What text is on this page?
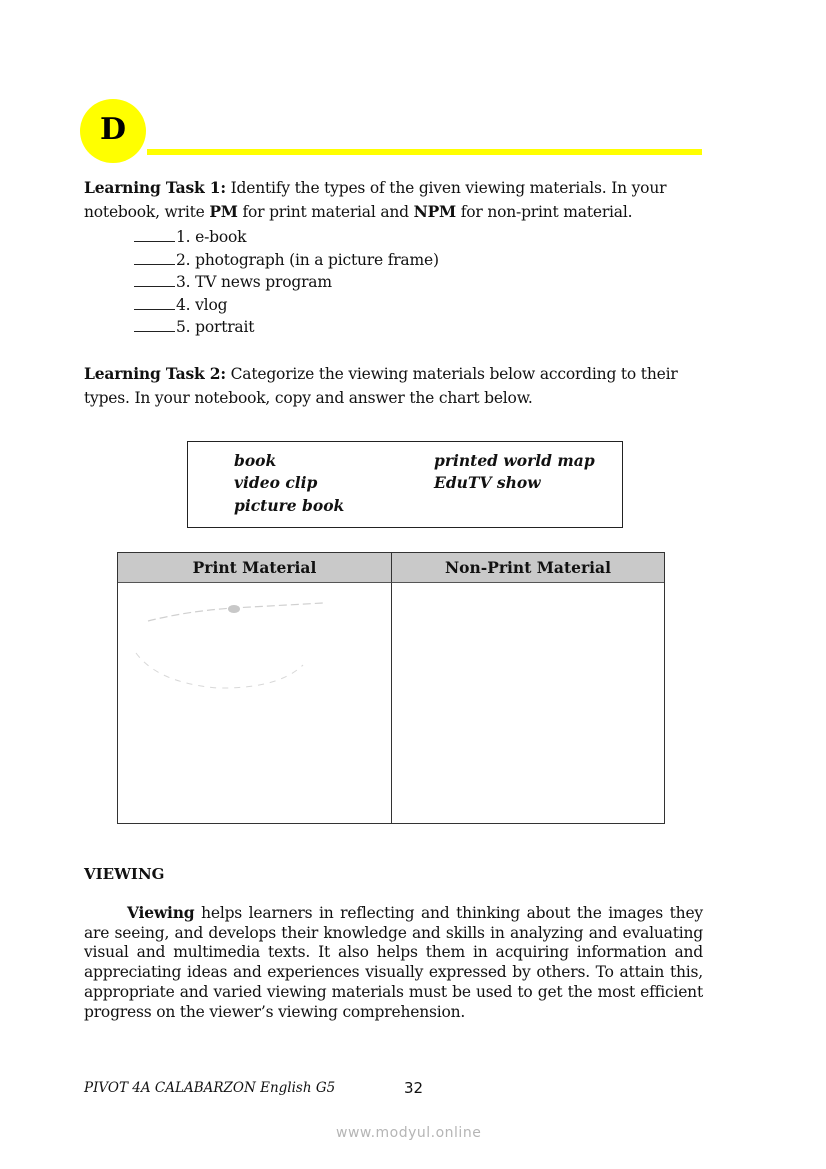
D
Learning Task 1: Identify the types of the given viewing materials. In your notebook, write PM for print material and NPM for non-print material.
1. e-book
2. photograph (in a picture frame)
3. TV news program
4. vlog
5. portrait
Learning Task 2: Categorize the viewing materials below according to their types. In your notebook, copy and answer the chart below.
book
video clip
picture book
printed world map
EduTV show
Print Material	Non-Print Material
VIEWING
Viewing helps learners in reflecting and thinking about the images they are seeing, and develops their knowledge and skills in analyzing and evaluating visual and multimedia texts. It also helps them in acquiring information and appreciating ideas and experiences visually expressed by others. To attain this, appropriate and varied viewing materials must be used to get the most efficient progress on the viewer’s viewing comprehension.
PIVOT 4A CALABARZON English G5	32
www.modyul.online
